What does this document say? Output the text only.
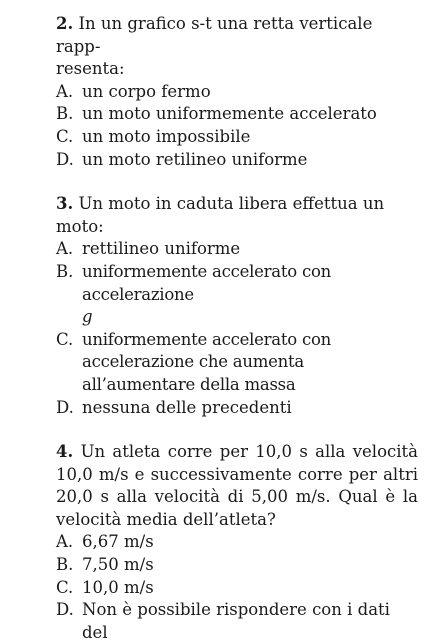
2. In un grafico s-t una retta verticale rapp-
resenta:
A. un corpo fermo
B. un moto uniformemente accelerato
C. un moto impossibile
D. un moto retilineo uniforme
3. Un moto in caduta libera effettua un moto:
A. rettilineo uniforme
B. uniformemente accelerato con accelerazione
g
C. uniformemente accelerato con accelerazione che aumenta all’aumentare della massa
D. nessuna delle precedenti
4. Un atleta corre per 10,0 s alla velocità 10,0 m/s e successivamente corre per altri 20,0 s alla velocità di 5,00 m/s. Qual è la velocità media dell’atleta?
A. 6,67 m/s
B. 7,50 m/s
C. 10,0 m/s
D. Non è possibile rispondere con i dati del
